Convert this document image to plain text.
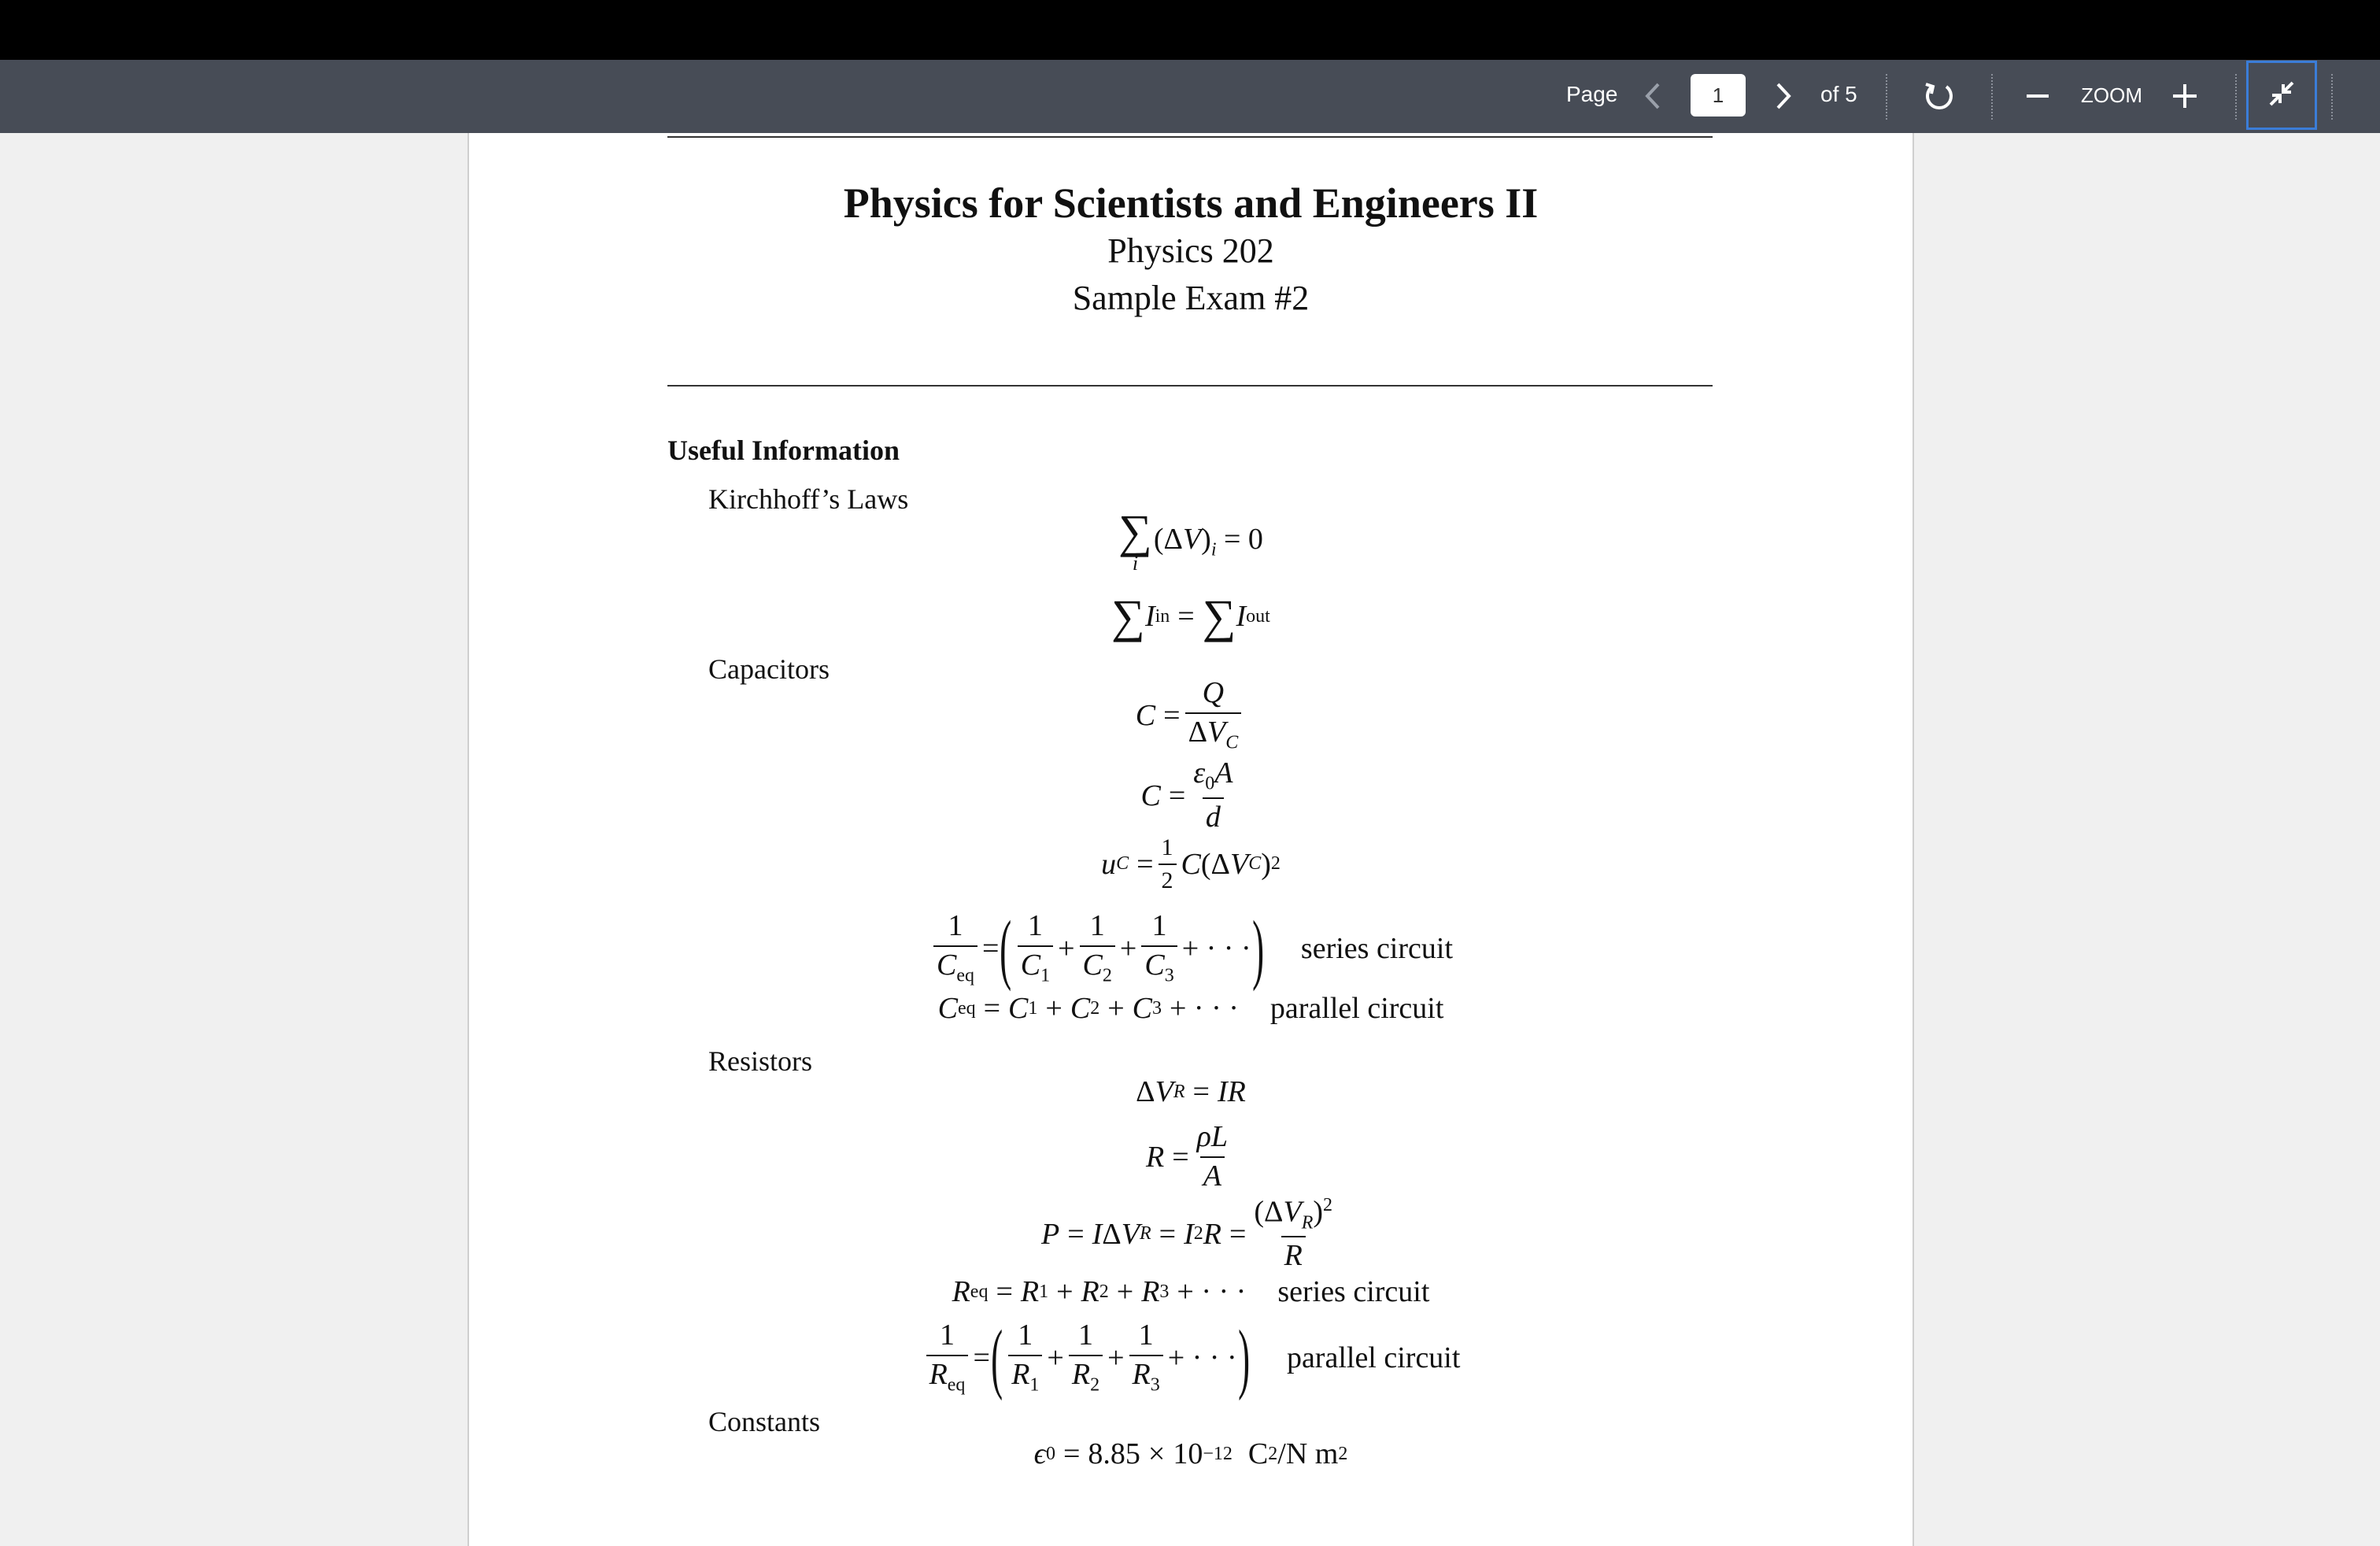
Page
1	of 5	ZOOM
Physics for Scientists and Engineers II
Physics 202
Sample Exam #2
Useful Information
Kirchhoff’s Laws
∑
i
$(\Delta V)_i = 0$
∑ I in = ∑ I out
Capacitors
C =
Q
$\Delta V_C$
C =
$\varepsilon_0A$
d
u C = 1
2 C (Δ V C ) 2
1
$C_{eq}$
= ( 1
$C_1$
+
1
$C_2$
+
1
$C_3$
+ · · · ) series circuit
C eq = C 1 + C 2 + C 3 + · · · parallel circuit
Resistors
Δ V R = IR
R =
ρL
A
P = I Δ V R = I 2 R =
$(\Delta V_R)^2$
R
R eq = R 1 + R 2 + R 3 + · · · series circuit
1
$R_{eq}$
= ( 1
$R_1$
+
1
$R_2$
+
1
$R_3$
+ · · · ) parallel circuit
Constants
ϵ 0 = 8.85 × 10 −12 C 2 /N m 2
